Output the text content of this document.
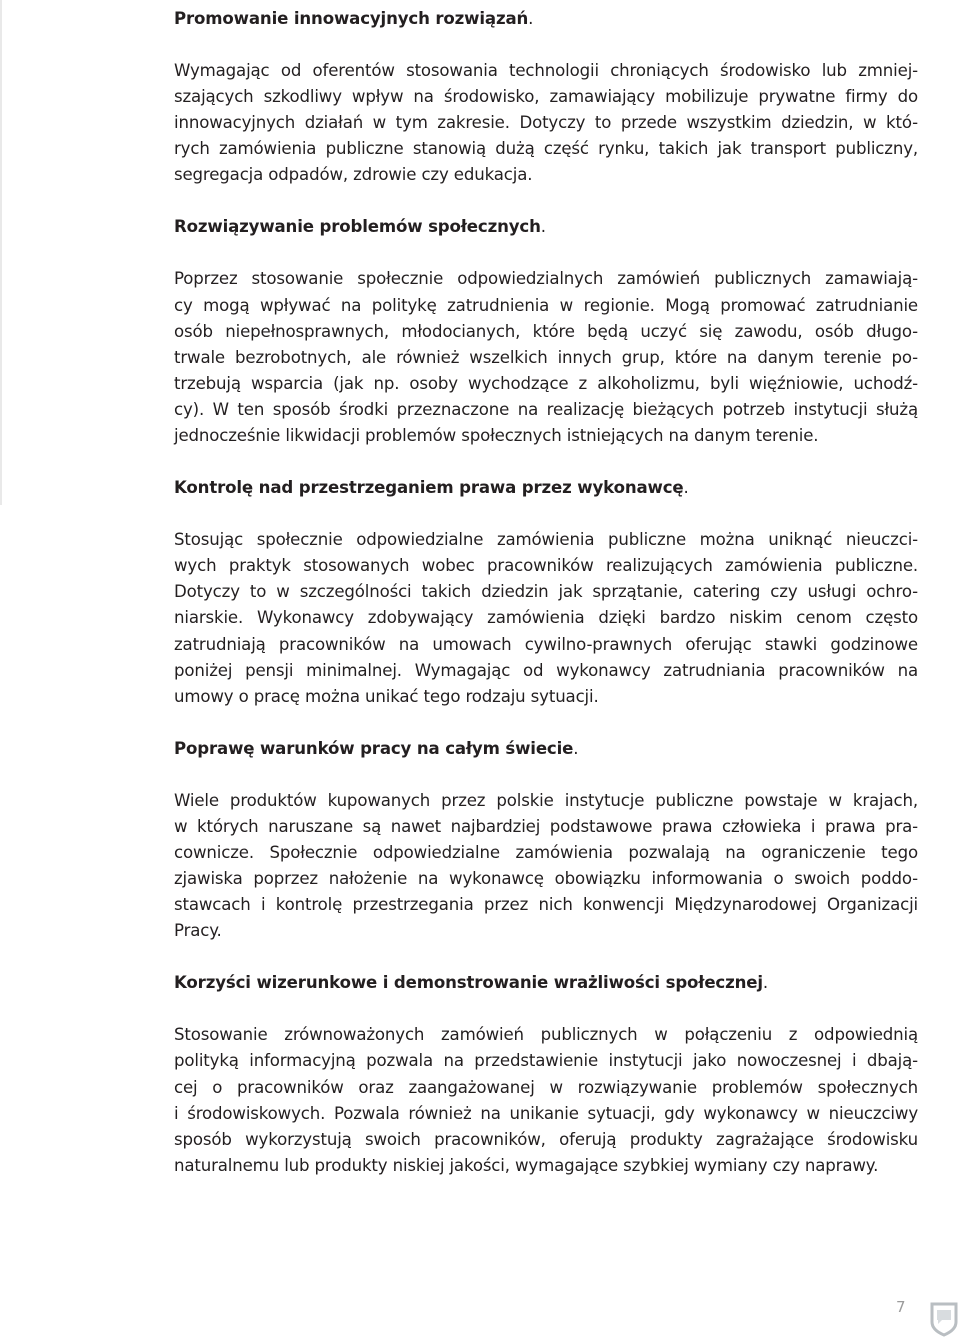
Promowanie innowacyjnych rozwiązań.
Wymagając od oferentów stosowania technologii chroniących środowisko lub zmniej-
szających szkodliwy wpływ na środowisko, zamawiający mobilizuje prywatne firmy do
innowacyjnych działań w tym zakresie. Dotyczy to przede wszystkim dziedzin, w któ-
rych zamówienia publiczne stanowią dużą część rynku, takich jak transport publiczny,
segregacja odpadów, zdrowie czy edukacja.
Rozwiązywanie problemów społecznych.
Poprzez stosowanie społecznie odpowiedzialnych zamówień publicznych zamawiają-
cy mogą wpływać na politykę zatrudnienia w regionie. Mogą promować zatrudnianie
osób niepełnosprawnych, młodocianych, które będą uczyć się zawodu, osób długo-
trwale bezrobotnych, ale również wszelkich innych grup, które na danym terenie po-
trzebują wsparcia (jak np. osoby wychodzące z alkoholizmu, byli więźniowie, uchodź-
cy). W ten sposób środki przeznaczone na realizację bieżących potrzeb instytucji służą
jednocześnie likwidacji problemów społecznych istniejących na danym terenie.
Kontrolę nad przestrzeganiem prawa przez wykonawcę.
Stosując społecznie odpowiedzialne zamówienia publiczne można uniknąć nieuczci-
wych praktyk stosowanych wobec pracowników realizujących zamówienia publiczne.
Dotyczy to w szczególności takich dziedzin jak sprzątanie, catering czy usługi ochro-
niarskie. Wykonawcy zdobywający zamówienia dzięki bardzo niskim cenom często
zatrudniają pracowników na umowach cywilno-prawnych oferując stawki godzinowe
poniżej pensji minimalnej. Wymagając od wykonawcy zatrudniania pracowników na
umowy o pracę można unikać tego rodzaju sytuacji.
Poprawę warunków pracy na całym świecie.
Wiele produktów kupowanych przez polskie instytucje publiczne powstaje w krajach,
w których naruszane są nawet najbardziej podstawowe prawa człowieka i prawa pra-
cownicze. Społecznie odpowiedzialne zamówienia pozwalają na ograniczenie tego
zjawiska poprzez nałożenie na wykonawcę obowiązku informowania o swoich poddo-
stawcach i kontrolę przestrzegania przez nich konwencji Międzynarodowej Organizacji
Pracy.
Korzyści wizerunkowe i demonstrowanie wrażliwości społecznej.
Stosowanie zrównoważonych zamówień publicznych w połączeniu z odpowiednią
polityką informacyjną pozwala na przedstawienie instytucji jako nowoczesnej i dbają-
cej o pracowników oraz zaangażowanej w rozwiązywanie problemów społecznych
i środowiskowych. Pozwala również na unikanie sytuacji, gdy wykonawcy w nieuczciwy
sposób wykorzystują swoich pracowników, oferują produkty zagrażające środowisku
naturalnemu lub produkty niskiej jakości, wymagające szybkiej wymiany czy naprawy.
7
